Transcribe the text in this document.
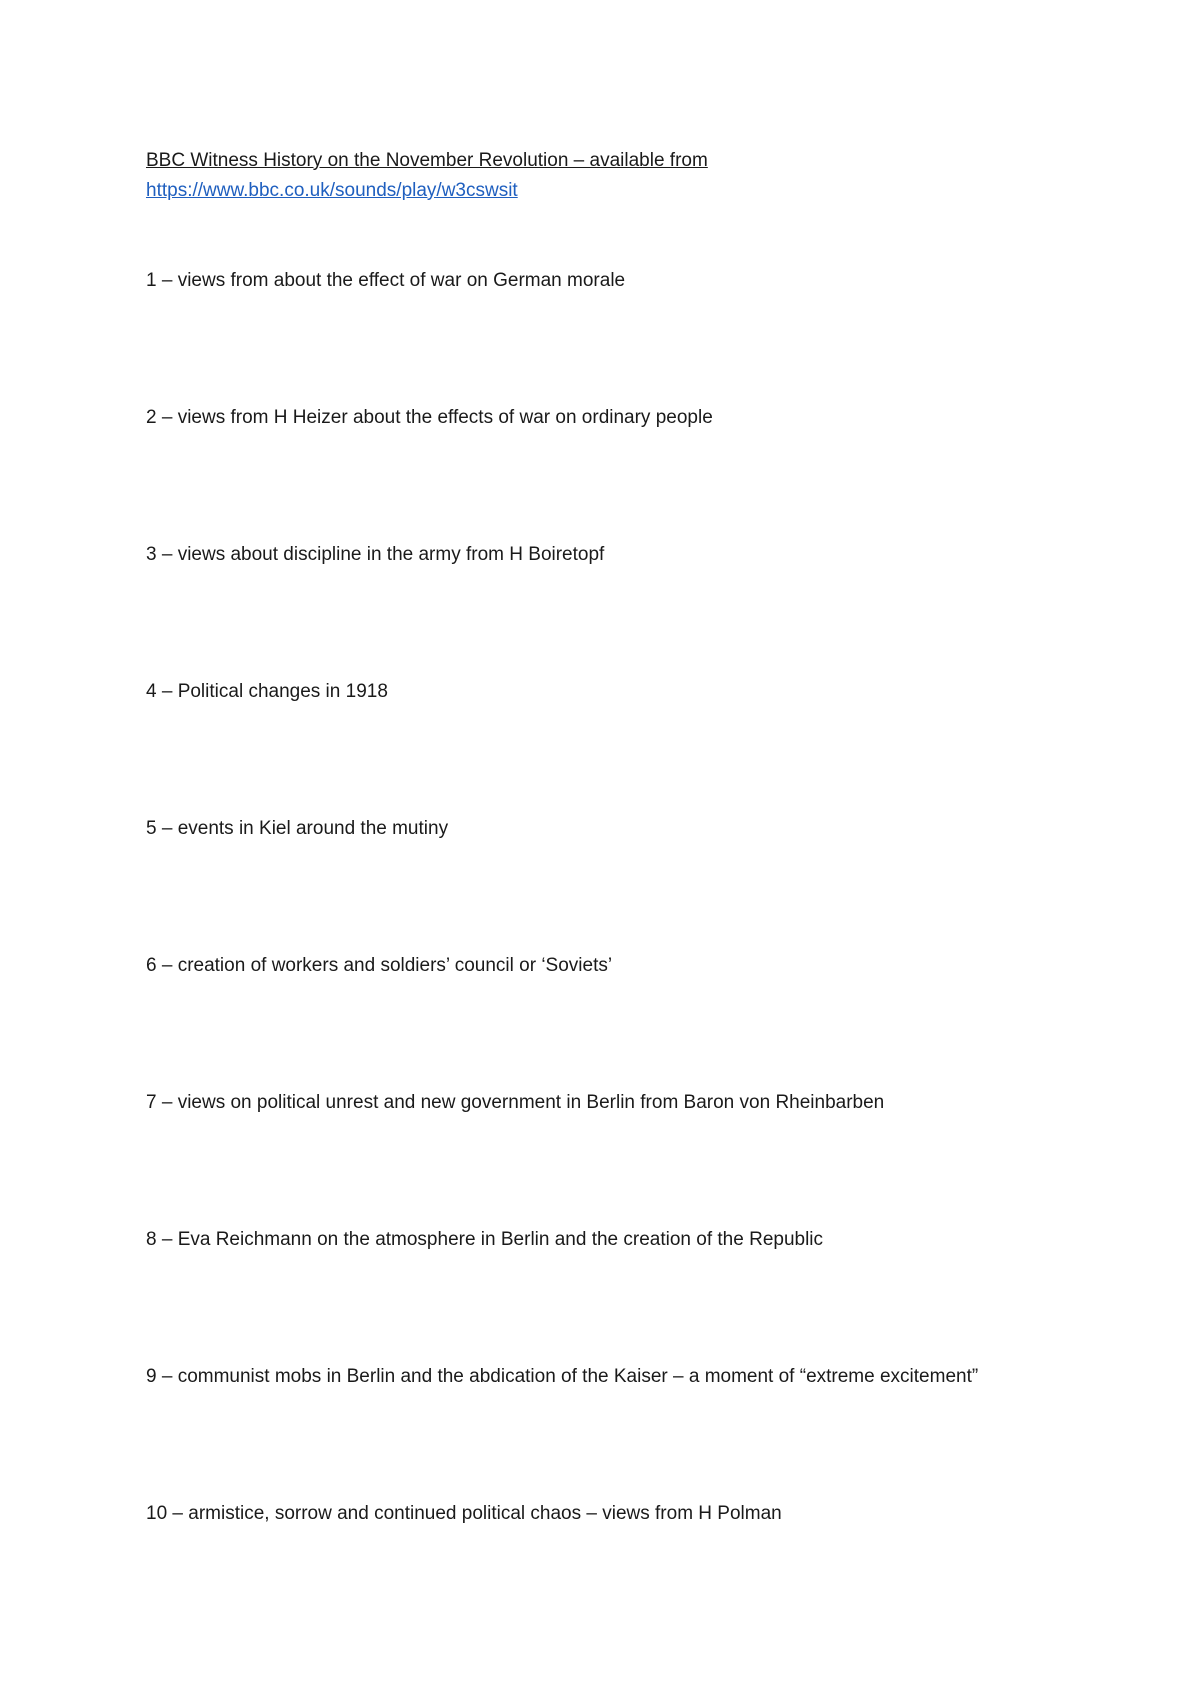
BBC Witness History on the November Revolution – available from
https://www.bbc.co.uk/sounds/play/w3cswsit
1 – views from about the effect of war on German morale
2 – views from H Heizer about the effects of war on ordinary people
3 – views about discipline in the army from H Boiretopf
4 – Political changes in 1918
5 – events in Kiel around the mutiny
6 – creation of workers and soldiers’ council or ‘Soviets’
7 – views on political unrest and new government in Berlin from Baron von Rheinbarben
8 – Eva Reichmann on the atmosphere in Berlin and the creation of the Republic
9 – communist mobs in Berlin and the abdication of the Kaiser – a moment of “extreme excitement”
10 – armistice, sorrow and continued political chaos – views from H Polman
